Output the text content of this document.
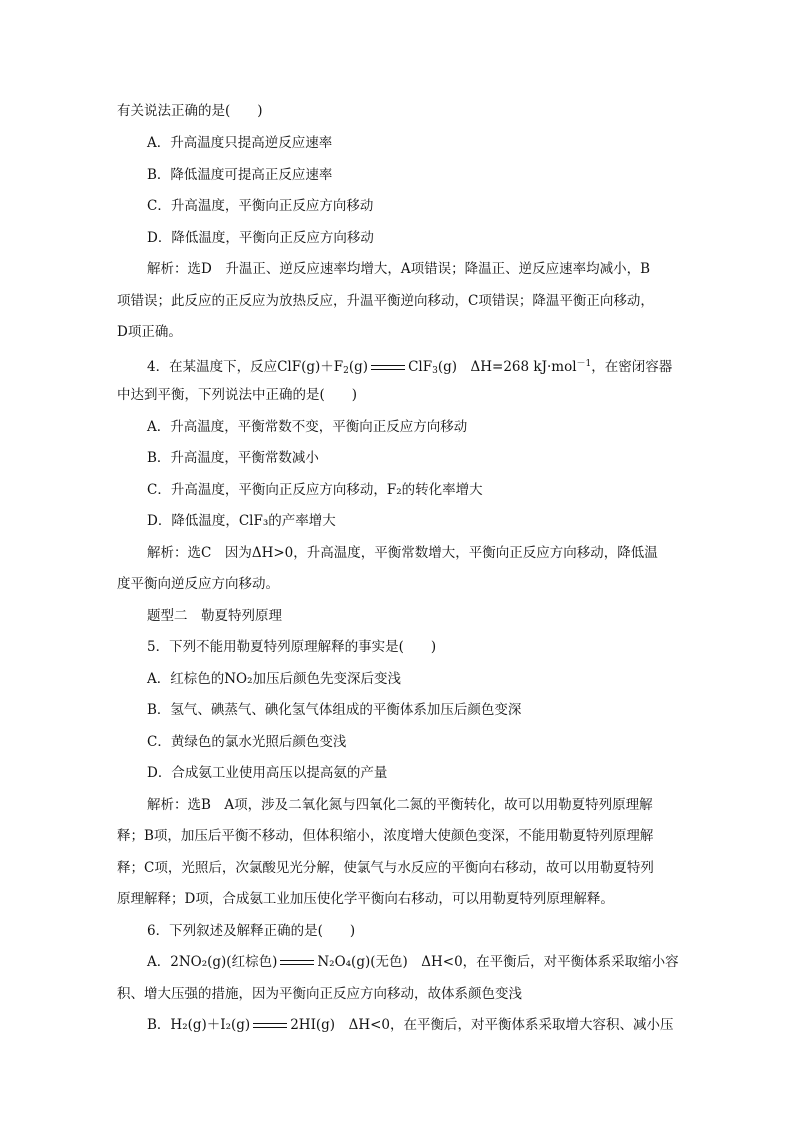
有关说法正确的是(　　)
A．升高温度只提高逆反应速率
B．降低温度可提高正反应速率
C．升高温度，平衡向正反应方向移动
D．降低温度，平衡向正反应方向移动
解析：选D　升温正、逆反应速率均增大，A项错误；降温正、逆反应速率均减小，B
项错误；此反应的正反应为放热反应，升温平衡逆向移动，C项错误；降温平衡正向移动，
D项正确。
4．在某温度下，反应$ClF(g)+F_2(g)$	ClF$_3$(g)　ΔH=268 kJ·mol$^{-1}$，在密闭容器
中达到平衡，下列说法中正确的是(　　)
A．升高温度，平衡常数不变，平衡向正反应方向移动
B．升高温度，平衡常数减小
C．升高温度，平衡向正反应方向移动，F₂的转化率增大
D．降低温度，ClF₃的产率增大
解析：选C　因为ΔH>0，升高温度，平衡常数增大，平衡向正反应方向移动，降低温
度平衡向逆反应方向移动。
题型二　勒夏特列原理
5．下列不能用勒夏特列原理解释的事实是(　　)
A．红棕色的NO₂加压后颜色先变深后变浅
B．氢气、碘蒸气、碘化氢气体组成的平衡体系加压后颜色变深
C．黄绿色的氯水光照后颜色变浅
D．合成氨工业使用高压以提高氨的产量
解析：选B　A项，涉及二氧化氮与四氧化二氮的平衡转化，故可以用勒夏特列原理解
释；B项，加压后平衡不移动，但体积缩小，浓度增大使颜色变深，不能用勒夏特列原理解
释；C项，光照后，次氯酸见光分解，使氯气与水反应的平衡向右移动，故可以用勒夏特列
原理解释；D项，合成氨工业加压使化学平衡向右移动，可以用勒夏特列原理解释。
6．下列叙述及解释正确的是(　　)
A．2NO₂(g)(红棕色)	N₂O₄(g)(无色)　ΔH<0，在平衡后，对平衡体系采取缩小容
积、增大压强的措施，因为平衡向正反应方向移动，故体系颜色变浅
B．H₂(g)＋I₂(g)	2HI(g)　ΔH<0，在平衡后，对平衡体系采取增大容积、减小压
